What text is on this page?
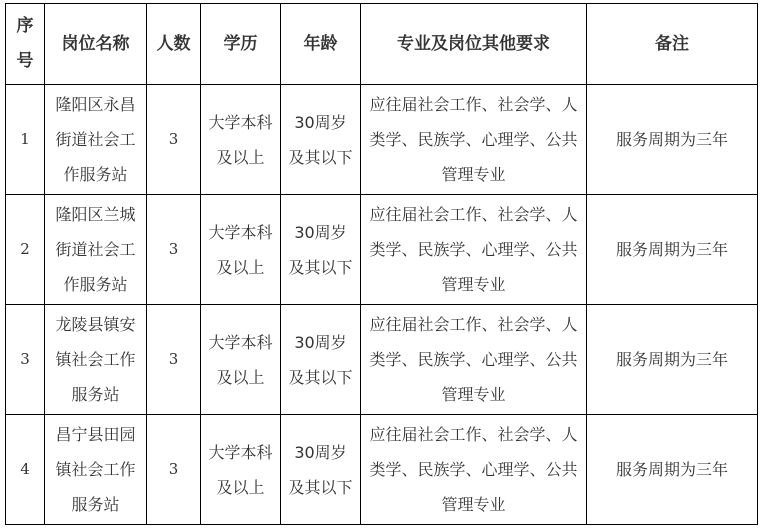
序号	岗位名称	人数	学历	年龄	专业及岗位其他要求	备注
1	隆阳区永昌街道社会工作服务站	3	大学本科及以上	30周岁及其以下	应往届社会工作、社会学、人类学、民族学、心理学、公共管理专业	服务周期为三年
2	隆阳区兰城街道社会工作服务站	3	大学本科及以上	30周岁及其以下	应往届社会工作、社会学、人类学、民族学、心理学、公共管理专业	服务周期为三年
3	龙陵县镇安镇社会工作服务站	3	大学本科及以上	30周岁及其以下	应往届社会工作、社会学、人类学、民族学、心理学、公共管理专业	服务周期为三年
4	昌宁县田园镇社会工作服务站	3	大学本科及以上	30周岁及其以下	应往届社会工作、社会学、人类学、民族学、心理学、公共管理专业	服务周期为三年
